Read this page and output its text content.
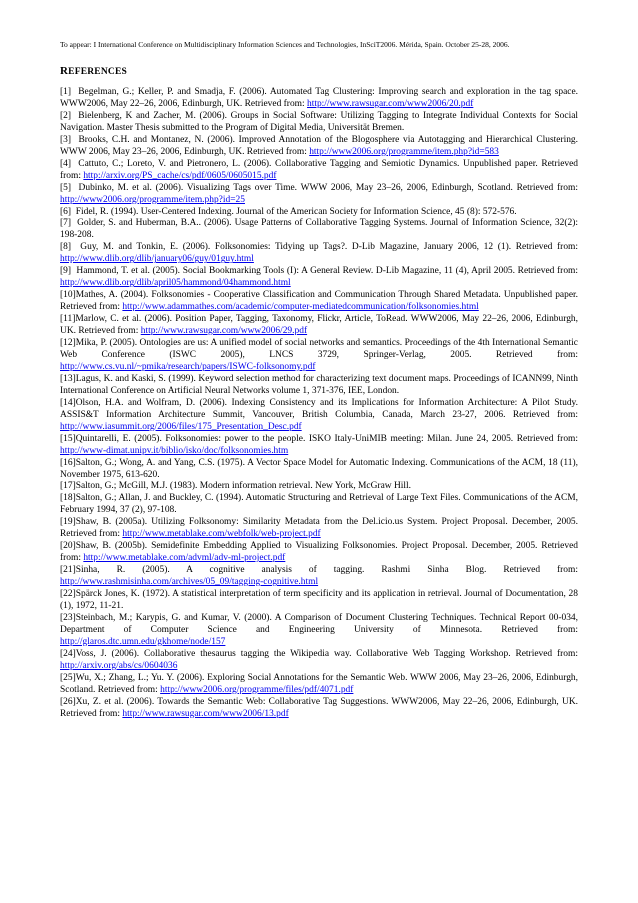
To appear: I International Conference on Multidisciplinary Information Sciences and Technologies, InSciT2006. Mérida, Spain. October 25-28, 2006.
REFERENCES

[1] Begelman, G.; Keller, P. and Smadja, F. (2006). Automated Tag Clustering: Improving search and exploration in the tag space. WWW2006, May 22–26, 2006, Edinburgh, UK. Retrieved from: http://www.rawsugar.com/www2006/20.pdf

[2] Bielenberg, K and Zacher, M. (2006). Groups in Social Software: Utilizing Tagging to Integrate Individual Contexts for Social Navigation. Master Thesis submitted to the Program of Digital Media, Universität Bremen.

[3] Brooks, C.H. and Montanez, N. (2006). Improved Annotation of the Blogosphere via Autotagging and Hierarchical Clustering. WWW 2006, May 23–26, 2006, Edinburgh, UK. Retrieved from: http://www2006.org/programme/item.php?id=583

[4] Cattuto, C.; Loreto, V. and Pietronero, L. (2006). Collaborative Tagging and Semiotic Dynamics. Unpublished paper. Retrieved from: http://arxiv.org/PS_cache/cs/pdf/0605/0605015.pdf

[5] Dubinko, M. et al. (2006). Visualizing Tags over Time. WWW 2006, May 23–26, 2006, Edinburgh, Scotland. Retrieved from: http://www2006.org/programme/item.php?id=25

[6] Fidel, R. (1994). User-Centered Indexing. Journal of the American Society for Information Science, 45 (8): 572-576.

[7] Golder, S. and Huberman, B.A.. (2006). Usage Patterns of Collaborative Tagging Systems. Journal of Information Science, 32(2): 198-208.

[8] Guy, M. and Tonkin, E. (2006). Folksonomies: Tidying up Tags?. D-Lib Magazine, January 2006, 12 (1). Retrieved from: http://www.dlib.org/dlib/january06/guy/01guy.html

[9] Hammond, T. et al. (2005). Social Bookmarking Tools (I): A General Review. D-Lib Magazine, 11 (4), April 2005. Retrieved from: http://www.dlib.org/dlib/april05/hammond/04hammond.html

[10]Mathes, A. (2004). Folksonomies - Cooperative Classification and Communication Through Shared Metadata. Unpublished paper. Retrieved from: http://www.adammathes.com/academic/computer-mediatedcommunication/folksonomies.html

[11]Marlow, C. et al. (2006). Position Paper, Tagging, Taxonomy, Flickr, Article, ToRead. WWW2006, May 22–26, 2006, Edinburgh, UK. Retrieved from: http://www.rawsugar.com/www2006/29.pdf

[12]Mika, P. (2005). Ontologies are us: A unified model of social networks and semantics. Proceedings of the 4th International Semantic Web Conference (ISWC 2005), LNCS 3729, Springer-Verlag, 2005. Retrieved from: http://www.cs.vu.nl/~pmika/research/papers/ISWC-folksonomy.pdf

[13]Lagus, K. and Kaski, S. (1999). Keyword selection method for characterizing text document maps. Proceedings of ICANN99, Ninth International Conference on Artificial Neural Networks volume 1, 371-376, IEE, London.

[14]Olson, H.A. and Wolfram, D. (2006). Indexing Consistency and its Implications for Information Architecture: A Pilot Study. ASSIS&T Information Architecture Summit, Vancouver, British Columbia, Canada, March 23-27, 2006. Retrieved from: http://www.iasummit.org/2006/files/175_Presentation_Desc.pdf

[15]Quintarelli, E. (2005). Folksonomies: power to the people. ISKO Italy-UniMIB meeting: Milan. June 24, 2005. Retrieved from: http://www-dimat.unipv.it/biblio/isko/doc/folksonomies.htm

[16]Salton, G.; Wong, A. and Yang, C.S. (1975). A Vector Space Model for Automatic Indexing. Communications of the ACM, 18 (11), November 1975, 613-620.

[17]Salton, G.; McGill, M.J. (1983). Modern information retrieval. New York, McGraw Hill.

[18]Salton, G.; Allan, J. and Buckley, C. (1994). Automatic Structuring and Retrieval of Large Text Files. Communications of the ACM, February 1994, 37 (2), 97-108.

[19]Shaw, B. (2005a). Utilizing Folksonomy: Similarity Metadata from the Del.icio.us System. Project Proposal. December, 2005. Retrieved from: http://www.metablake.com/webfolk/web-project.pdf

[20]Shaw, B. (2005b). Semidefinite Embedding Applied to Visualizing Folksonomies. Project Proposal. December, 2005. Retrieved from: http://www.metablake.com/advml/adv-ml-project.pdf

[21]Sinha, R. (2005). A cognitive analysis of tagging. Rashmi Sinha Blog. Retrieved from: http://www.rashmisinha.com/archives/05_09/tagging-cognitive.html

[22]Spärck Jones, K. (1972). A statistical interpretation of term specificity and its application in retrieval. Journal of Documentation, 28 (1), 1972, 11-21.

[23]Steinbach, M.; Karypis, G. and Kumar, V. (2000). A Comparison of Document Clustering Techniques. Technical Report 00-034, Department of Computer Science and Engineering University of Minnesota. Retrieved from: http://glaros.dtc.umn.edu/gkhome/node/157

[24]Voss, J. (2006). Collaborative thesaurus tagging the Wikipedia way. Collaborative Web Tagging Workshop. Retrieved from: http://arxiv.org/abs/cs/0604036

[25]Wu, X.; Zhang, L.; Yu. Y. (2006). Exploring Social Annotations for the Semantic Web. WWW 2006, May 23–26, 2006, Edinburgh, Scotland. Retrieved from: http://www2006.org/programme/files/pdf/4071.pdf

[26]Xu, Z. et al. (2006). Towards the Semantic Web: Collaborative Tag Suggestions. WWW2006, May 22–26, 2006, Edinburgh, UK. Retrieved from: http://www.rawsugar.com/www2006/13.pdf
